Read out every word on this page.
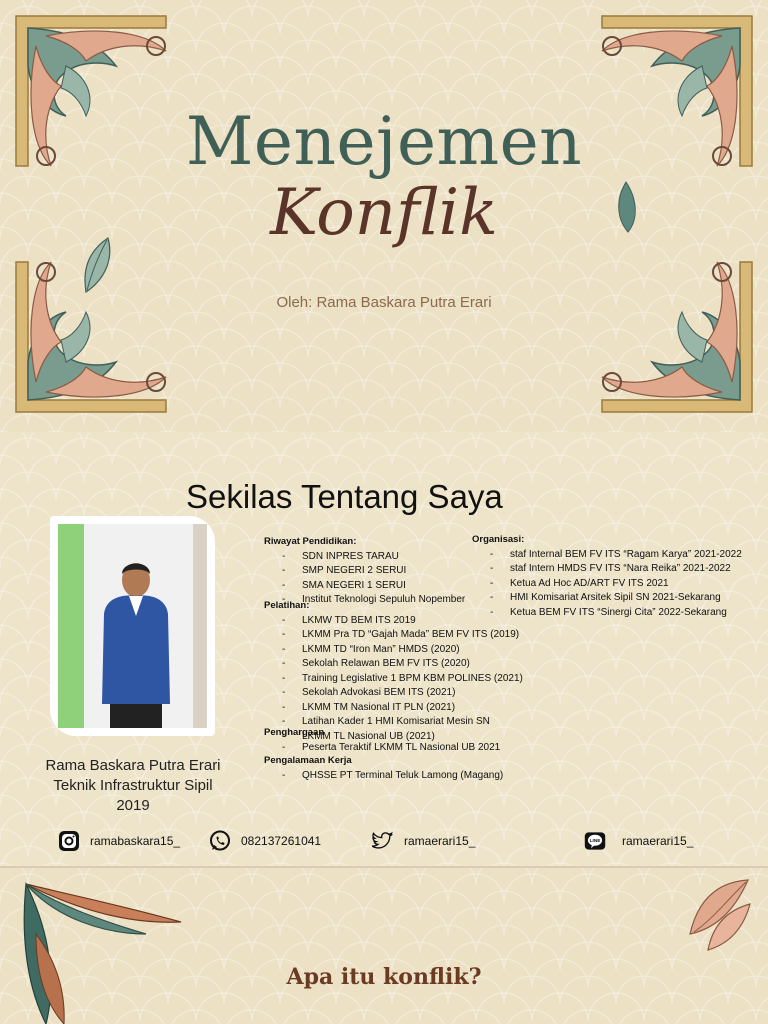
Menejemen
Konflik
Oleh: Rama Baskara Putra Erari
Sekilas Tentang Saya
Rama Baskara Putra Erari
Teknik Infrastruktur Sipil
2019
Riwayat Pendidikan:
- SDN INPRES TARAU
- SMP NEGERI 2 SERUI
- SMA NEGERI 1 SERUI
- Institut Teknologi Sepuluh Nopember
Pelatihan:
- LKMW TD BEM ITS 2019
- LKMM Pra TD “Gajah Mada” BEM FV ITS (2019)
- LKMM TD “Iron Man” HMDS (2020)
- Sekolah Relawan BEM FV ITS (2020)
- Training Legislative 1 BPM KBM POLINES (2021)
- Sekolah Advokasi BEM ITS (2021)
- LKMM TM Nasional IT PLN (2021)
- Latihan Kader 1 HMI Komisariat Mesin SN
- LKMM TL Nasional UB (2021)
Penghargaan
- Peserta Teraktif LKMM TL Nasional UB 2021
Pengalamaan Kerja
- QHSSE PT Terminal Teluk Lamong (Magang)
Organisasi:
- staf Internal BEM FV ITS “Ragam Karya” 2021-2022
- staf Intern HMDS FV ITS “Nara Reika” 2021-2022
- Ketua Ad Hoc AD/ART FV ITS 2021
- HMI Komisariat Arsitek Sipil SN 2021-Sekarang
- Ketua BEM FV ITS “Sinergi Cita” 2022-Sekarang
ramabaskara15_	082137261041	ramaerari15_	LINE ramaerari15_
Apa itu konflik?
